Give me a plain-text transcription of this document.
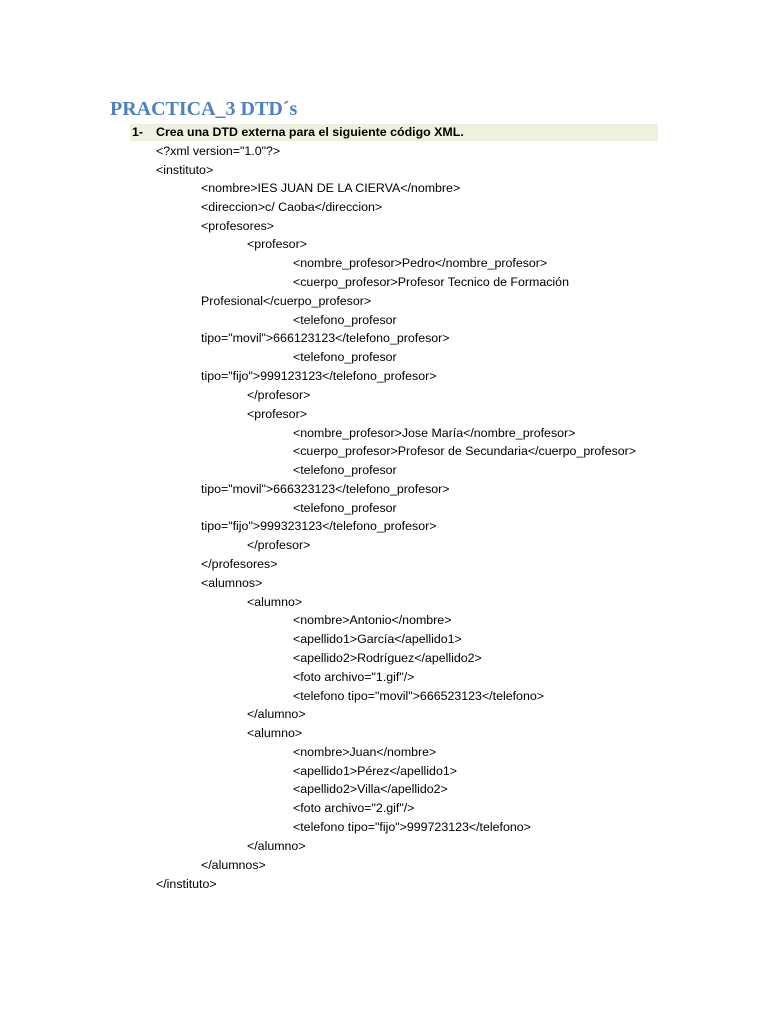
PRACTICA_3 DTD´s
1- Crea una DTD externa para el siguiente código XML.
<?xml version="1.0"?>
<instituto>
<nombre>IES JUAN DE LA CIERVA</nombre>
<direccion>c/ Caoba</direccion>
<profesores>
<profesor>
<nombre_profesor>Pedro</nombre_profesor>
<cuerpo_profesor>Profesor Tecnico de Formación
Profesional</cuerpo_profesor>
<telefono_profesor
tipo="movil">666123123</telefono_profesor>
<telefono_profesor
tipo="fijo">999123123</telefono_profesor>
</profesor>
<profesor>
<nombre_profesor>Jose María</nombre_profesor>
<cuerpo_profesor>Profesor de Secundaria</cuerpo_profesor>
<telefono_profesor
tipo="movil">666323123</telefono_profesor>
<telefono_profesor
tipo="fijo">999323123</telefono_profesor>
</profesor>
</profesores>
<alumnos>
<alumno>
<nombre>Antonio</nombre>
<apellido1>García</apellido1>
<apellido2>Rodríguez</apellido2>
<foto archivo="1.gif"/>
<telefono tipo="movil">666523123</telefono>
</alumno>
<alumno>
<nombre>Juan</nombre>
<apellido1>Pérez</apellido1>
<apellido2>Villa</apellido2>
<foto archivo="2.gif"/>
<telefono tipo="fijo">999723123</telefono>
</alumno>
</alumnos>
</instituto>
